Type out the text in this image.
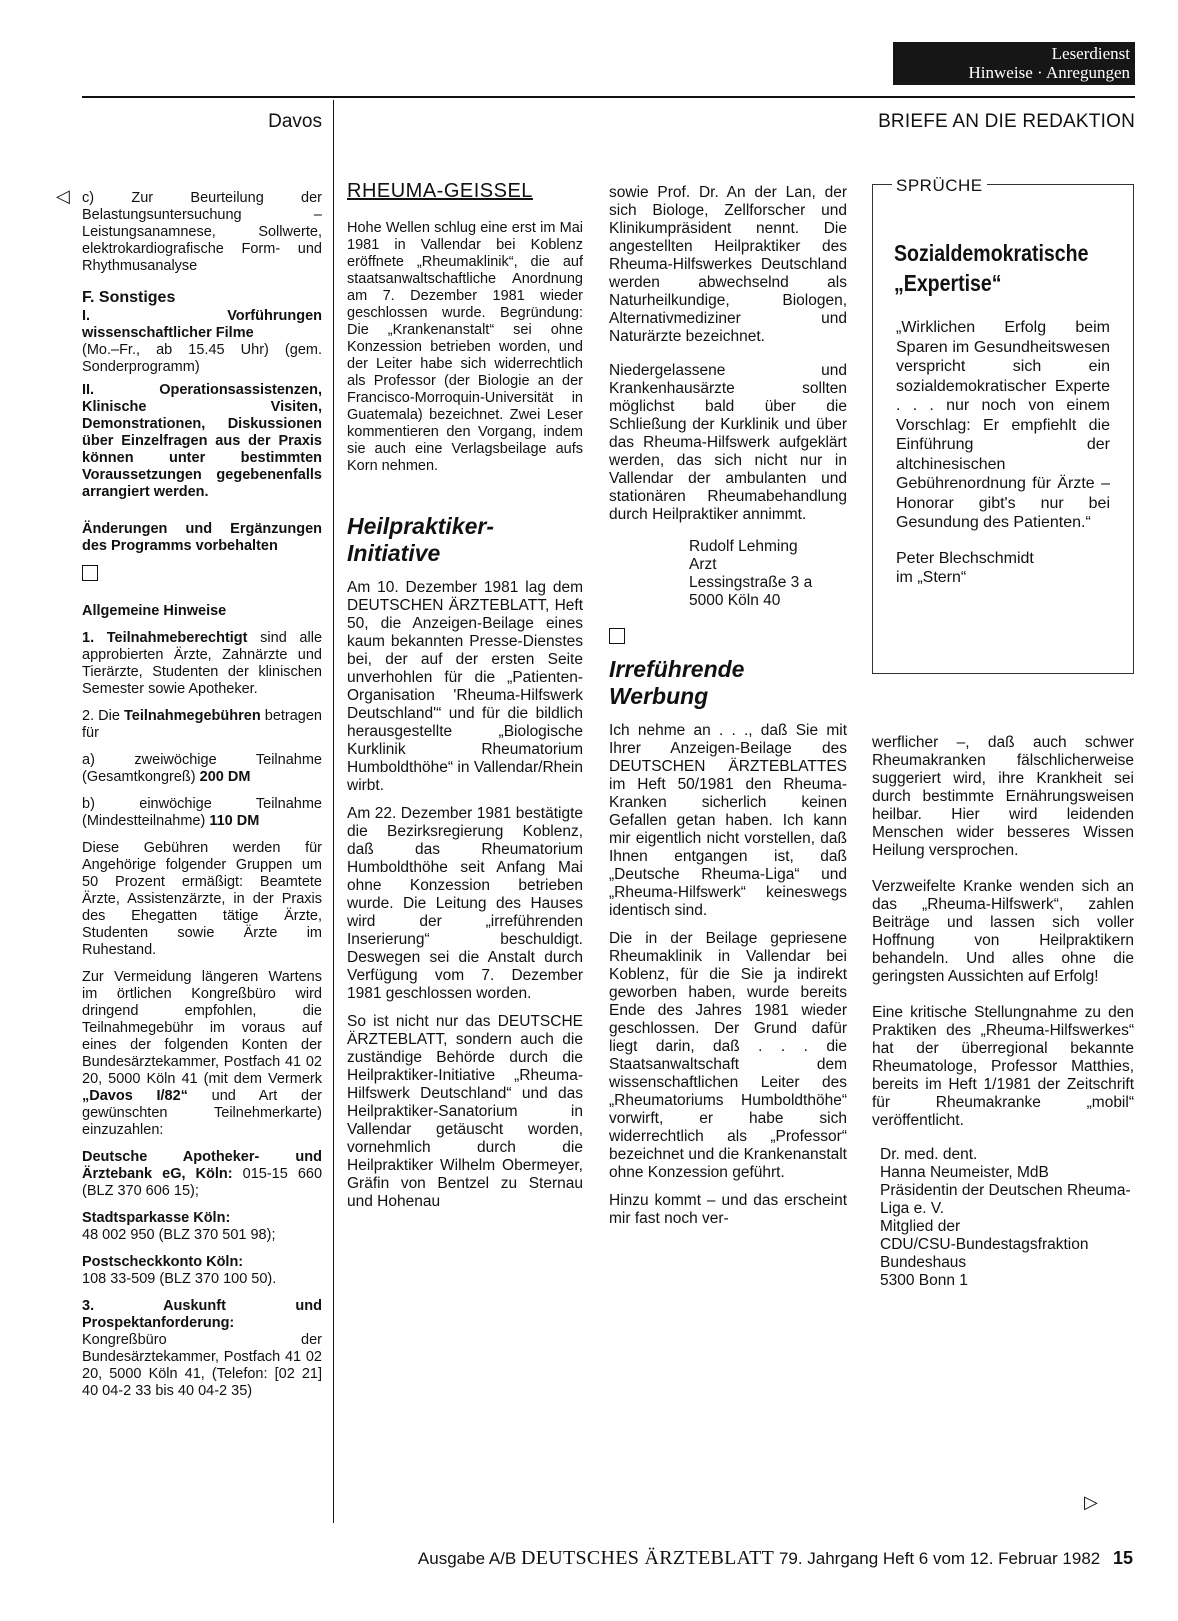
Leserdienst
Hinweise · Anregungen
Davos	BRIEFE AN DIE REDAKTION
◁ c) Zur Beurteilung der Belastungsuntersuchung – Leistungsanamnese, Sollwerte, elektrokardiografische Form- und Rhythmusanalyse

F. Sonstiges

I. Vorführungen wissenschaftlicher Filme
(Mo.–Fr., ab 15.45 Uhr) (gem. Sonderprogramm)

II. Operationsassistenzen, Klinische Visiten, Demonstrationen, Diskussionen über Einzelfragen aus der Praxis können unter bestimmten Voraussetzungen gegebenenfalls arrangiert werden.

Änderungen und Ergänzungen des Programms vorbehalten

Allgemeine Hinweise

1. Teilnahmeberechtigt sind alle approbierten Ärzte, Zahnärzte und Tierärzte, Studenten der klinischen Semester sowie Apotheker.

2. Die Teilnahmegebühren betragen für

a) zweiwöchige Teilnahme (Gesamtkongreß) 200 DM

b) einwöchige Teilnahme (Mindestteilnahme) 110 DM

Diese Gebühren werden für Angehörige folgender Gruppen um 50 Prozent ermäßigt: Beamtete Ärzte, Assistenzärzte, in der Praxis des Ehegatten tätige Ärzte, Studenten sowie Ärzte im Ruhestand.

Zur Vermeidung längeren Wartens im örtlichen Kongreßbüro wird dringend empfohlen, die Teilnahmegebühr im voraus auf eines der folgenden Konten der Bundesärztekammer, Postfach 41 02 20, 5000 Köln 41 (mit dem Vermerk „Davos I/82“ und Art der gewünschten Teilnehmerkarte) einzuzahlen:

Deutsche Apotheker- und Ärztebank eG, Köln: 015-15 660 (BLZ 370 606 15);

Stadtsparkasse Köln:
48 002 950 (BLZ 370 501 98);

Postscheckkonto Köln:
108 33-509 (BLZ 370 100 50).

3. Auskunft und Prospektanforderung: Kongreßbüro der Bundesärztekammer, Postfach 41 02 20, 5000 Köln 41, (Telefon: [02 21] 40 04-2 33 bis 40 04-2 35)

RHEUMA-GEISSEL

Hohe Wellen schlug eine erst im Mai 1981 in Vallendar bei Koblenz eröffnete „Rheumaklinik“, die auf staatsanwaltschaftliche Anordnung am 7. Dezember 1981 wieder geschlossen wurde. Begründung: Die „Krankenanstalt“ sei ohne Konzession betrieben worden, und der Leiter habe sich widerrechtlich als Professor (der Biologie an der Francisco-Morroquin-Universität in Guatemala) bezeichnet. Zwei Leser kommentieren den Vorgang, indem sie auch eine Verlagsbeilage aufs Korn nehmen.

Heilpraktiker-Initiative

Am 10. Dezember 1981 lag dem DEUTSCHEN ÄRZTEBLATT, Heft 50, die Anzeigen-Beilage eines kaum bekannten Presse-Dienstes bei, der auf der ersten Seite unverhohlen für die „Patienten-Organisation 'Rheuma-Hilfswerk Deutschland'“ und für die bildlich herausgestellte „Biologische Kurklinik Rheumatorium Humboldthöhe“ in Vallendar/Rhein wirbt.

Am 22. Dezember 1981 bestätigte die Bezirksregierung Koblenz, daß das Rheumatorium Humboldthöhe seit Anfang Mai ohne Konzession betrieben wurde. Die Leitung des Hauses wird der „irreführenden Inserierung“ beschuldigt. Deswegen sei die Anstalt durch Verfügung vom 7. Dezember 1981 geschlossen worden.

So ist nicht nur das DEUTSCHE ÄRZTEBLATT, sondern auch die zuständige Behörde durch die Heilpraktiker-Initiative „Rheuma-Hilfswerk Deutschland“ und das Heilpraktiker-Sanatorium in Vallendar getäuscht worden, vornehmlich durch die Heilpraktiker Wilhelm Obermeyer, Gräfin von Bentzel zu Sternau und Hohenau

sowie Prof. Dr. An der Lan, der sich Biologe, Zellforscher und Klinikumpräsident nennt. Die angestellten Heilpraktiker des Rheuma-Hilfswerkes Deutschland werden abwechselnd als Naturheilkundige, Biologen, Alternativmediziner und Naturärzte bezeichnet.

Niedergelassene und Krankenhausärzte sollten möglichst bald über die Schließung der Kurklinik und über das Rheuma-Hilfswerk aufgeklärt werden, das sich nicht nur in Vallendar der ambulanten und stationären Rheumabehandlung durch Heilpraktiker annimmt.

Rudolf Lehming
Arzt
Lessingstraße 3 a
5000 Köln 40
Irreführende Werbung

Ich nehme an . . ., daß Sie mit Ihrer Anzeigen-Beilage des DEUTSCHEN ÄRZTEBLATTES im Heft 50/1981 den Rheuma-Kranken sicherlich keinen Gefallen getan haben. Ich kann mir eigentlich nicht vorstellen, daß Ihnen entgangen ist, daß „Deutsche Rheuma-Liga“ und „Rheuma-Hilfswerk“ keineswegs identisch sind.

Die in der Beilage gepriesene Rheumaklinik in Vallendar bei Koblenz, für die Sie ja indirekt geworben haben, wurde bereits Ende des Jahres 1981 wieder geschlossen. Der Grund dafür liegt darin, daß . . . die Staatsanwaltschaft dem wissenschaftlichen Leiter des „Rheumatoriums Humboldthöhe“ vorwirft, er habe sich widerrechtlich als „Professor“ bezeichnet und die Krankenanstalt ohne Konzession geführt.

Hinzu kommt – und das erscheint mir fast noch ver-

SPRÜCHE
Sozialdemokratische „Expertise“

„Wirklichen Erfolg beim Sparen im Gesundheitswesen verspricht sich ein sozialdemokratischer Experte . . . nur noch von einem Vorschlag: Er empfiehlt die Einführung der altchinesischen Gebührenordnung für Ärzte – Honorar gibt's nur bei Gesundung des Patienten.“

Peter Blechschmidt
im „Stern“

werflicher –, daß auch schwer Rheumakranken fälschlicherweise suggeriert wird, ihre Krankheit sei durch bestimmte Ernährungsweisen heilbar. Hier wird leidenden Menschen wider besseres Wissen Heilung versprochen.

Verzweifelte Kranke wenden sich an das „Rheuma-Hilfswerk“, zahlen Beiträge und lassen sich voller Hoffnung von Heilpraktikern behandeln. Und alles ohne die geringsten Aussichten auf Erfolg!

Eine kritische Stellungnahme zu den Praktiken des „Rheuma-Hilfswerkes“ hat der überregional bekannte Rheumatologe, Professor Matthies, bereits im Heft 1/1981 der Zeitschrift für Rheumakranke „mobil“ veröffentlicht.

Dr. med. dent.
Hanna Neumeister, MdB
Präsidentin der Deutschen Rheuma-Liga e. V.
Mitglied der
CDU/CSU-Bundestagsfraktion
Bundeshaus
5300 Bonn 1
▷
Ausgabe A/B DEUTSCHES ÄRZTEBLATT 79. Jahrgang Heft 6 vom 12. Februar 1982 15
